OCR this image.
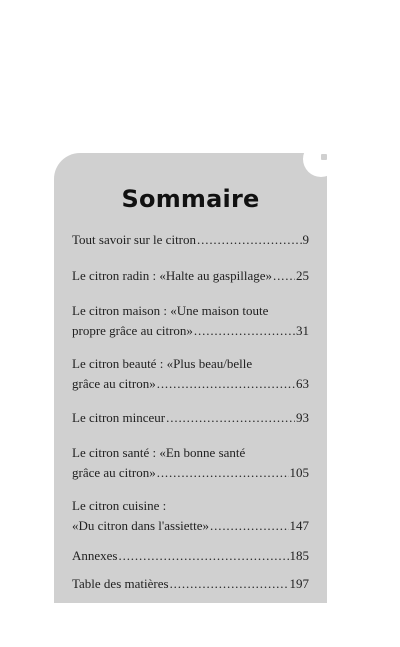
Sommaire
Tout savoir sur le citron . . .	9
Le citron radin : «Halte au gaspillage» . . . 25
Le citron maison : «Une maison toute
propre grâce au citron» . . .	31
Le citron beauté : «Plus beau/belle
grâce au citron» . . .	63
Le citron minceur . . .	93
Le citron santé : «En bonne santé
grâce au citron» . . .	105
Le citron cuisine :
«Du citron dans l'assiette» . . .	147
Annexes . . .	185
Table des matières . . .	197
